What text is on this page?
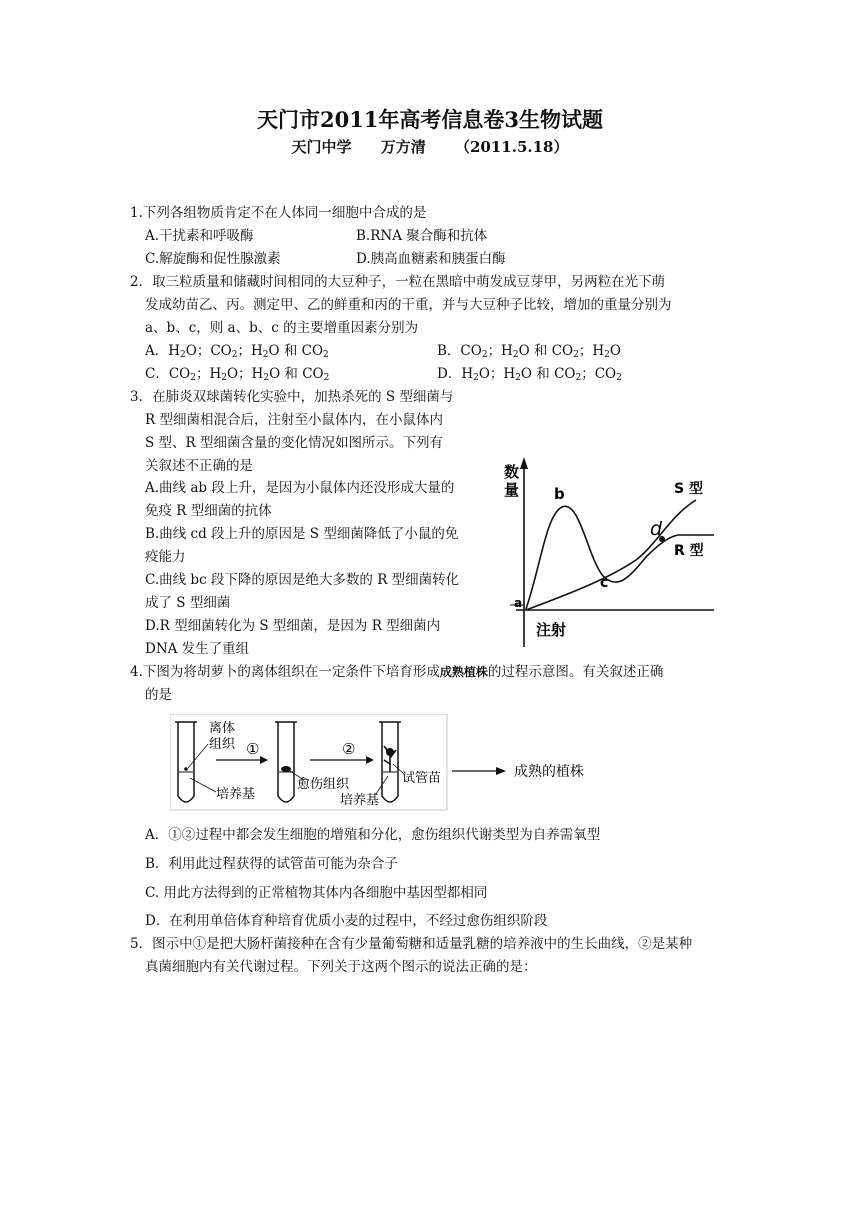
天门市2011年高考信息卷3生物试题
天门中学 万方清 （2011.5.18）
1.下列各组物质肯定不在人体同一细胞中合成的是
A.干扰素和呼吸酶	B.RNA 聚合酶和抗体
C.解旋酶和促性腺激素	D.胰高血糖素和胰蛋白酶
2．取三粒质量和储藏时间相同的大豆种子，一粒在黑暗中萌发成豆芽甲，另两粒在光下萌
发成幼苗乙、丙。测定甲、乙的鲜重和丙的干重，并与大豆种子比较，增加的重量分别为
a、b、c，则 a、b、c 的主要增重因素分别为
A．$H_2O$；$CO_2$；$H_2O$ 和 $CO_2$	B．$CO_2$；$H_2O$ 和 $CO_2$；$H_2O$
C．$CO_2$；$H_2O$；$H_2O$ 和 $CO_2$	D．$H_2O$；$H_2O$ 和 $CO_2$；$CO_2$
3．在肺炎双球菌转化实验中，加热杀死的 S 型细菌与
R 型细菌相混合后，注射至小鼠体内，在小鼠体内
S 型、R 型细菌含量的变化情况如图所示。下列有
关叙述不正确的是
A.曲线 ab 段上升，是因为小鼠体内还没形成大量的
免疫 R 型细菌的抗体
B.曲线 cd 段上升的原因是 S 型细菌降低了小鼠的免
疫能力
C.曲线 bc 段下降的原因是绝大多数的 R 型细菌转化
成了 S 型细菌
D.R 型细菌转化为 S 型细菌，是因为 R 型细菌内
DNA 发生了重组
数
量
注射
a
b
c
d
S 型
R 型
4.下图为将胡萝卜的离体组织在一定条件下培育形成成熟植株的过程示意图。有关叙述正确
的是
离体
组织
培养基
①
愈伤组织
②
试管苗
培养基
成熟的植株
A．①②过程中都会发生细胞的增殖和分化，愈伤组织代谢类型为自养需氧型
B．利用此过程获得的试管苗可能为杂合子
C. 用此方法得到的正常植物其体内各细胞中基因型都相同
D．在利用单倍体育种培育优质小麦的过程中，不经过愈伤组织阶段
5．图示中①是把大肠杆菌接种在含有少量葡萄糖和适量乳糖的培养液中的生长曲线，②是某种
真菌细胞内有关代谢过程。下列关于这两个图示的说法正确的是：
